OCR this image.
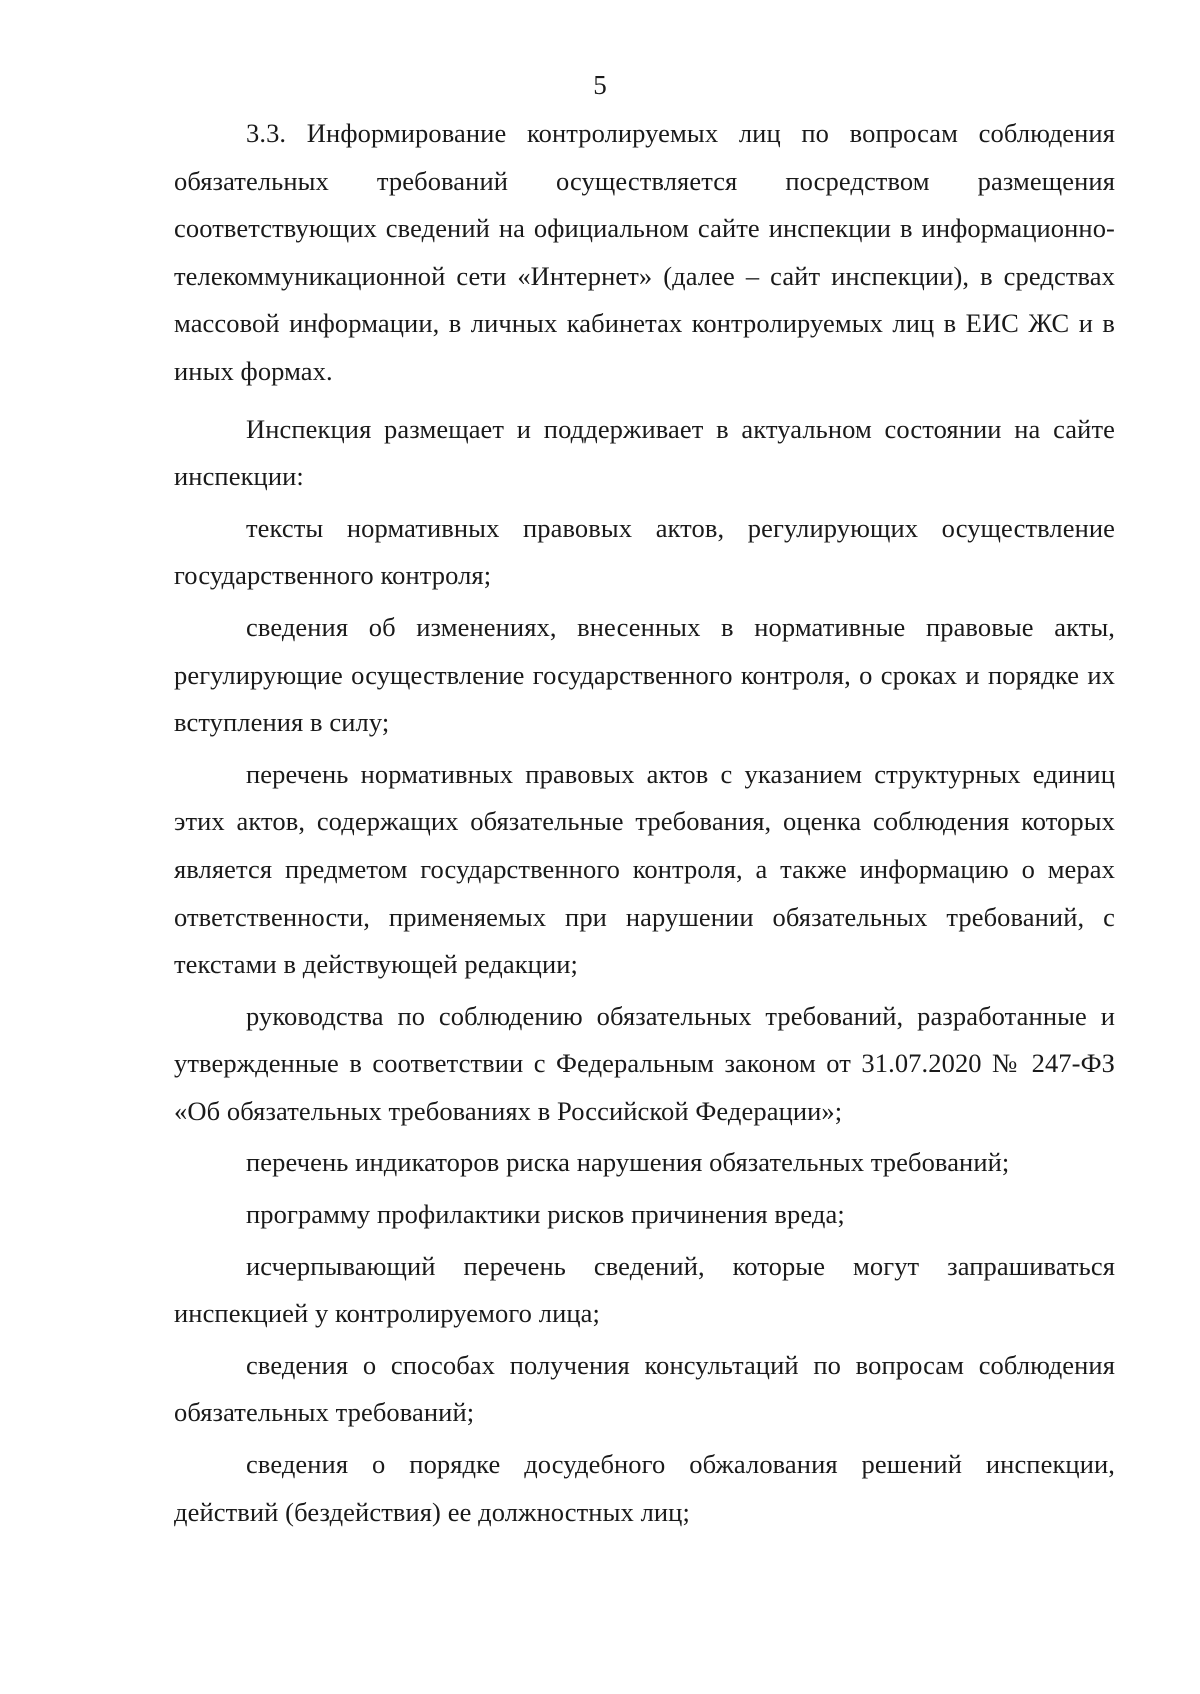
5

3.3. Информирование контролируемых лиц по вопросам соблюдения обязательных требований осуществляется посредством размещения соответствующих сведений на официальном сайте инспекции в информационно-телекоммуникационной сети «Интернет» (далее – сайт инспекции), в средствах массовой информации, в личных кабинетах контролируемых лиц в ЕИС ЖС и в иных формах.

Инспекция размещает и поддерживает в актуальном состоянии на сайте инспекции:

тексты нормативных правовых актов, регулирующих осуществление государственного контроля;

сведения об изменениях, внесенных в нормативные правовые акты, регулирующие осуществление государственного контроля, о сроках и порядке их вступления в силу;

перечень нормативных правовых актов с указанием структурных единиц этих актов, содержащих обязательные требования, оценка соблюдения которых является предметом государственного контроля, а также информацию о мерах ответственности, применяемых при нарушении обязательных требований, с текстами в действующей редакции;

руководства по соблюдению обязательных требований, разработанные и утвержденные в соответствии с Федеральным законом от 31.07.2020 № 247-ФЗ «Об обязательных требованиях в Российской Федерации»;

перечень индикаторов риска нарушения обязательных требований;

программу профилактики рисков причинения вреда;

исчерпывающий перечень сведений, которые могут запрашиваться инспекцией у контролируемого лица;

сведения о способах получения консультаций по вопросам соблюдения обязательных требований;

сведения о порядке досудебного обжалования решений инспекции, действий (бездействия) ее должностных лиц;
